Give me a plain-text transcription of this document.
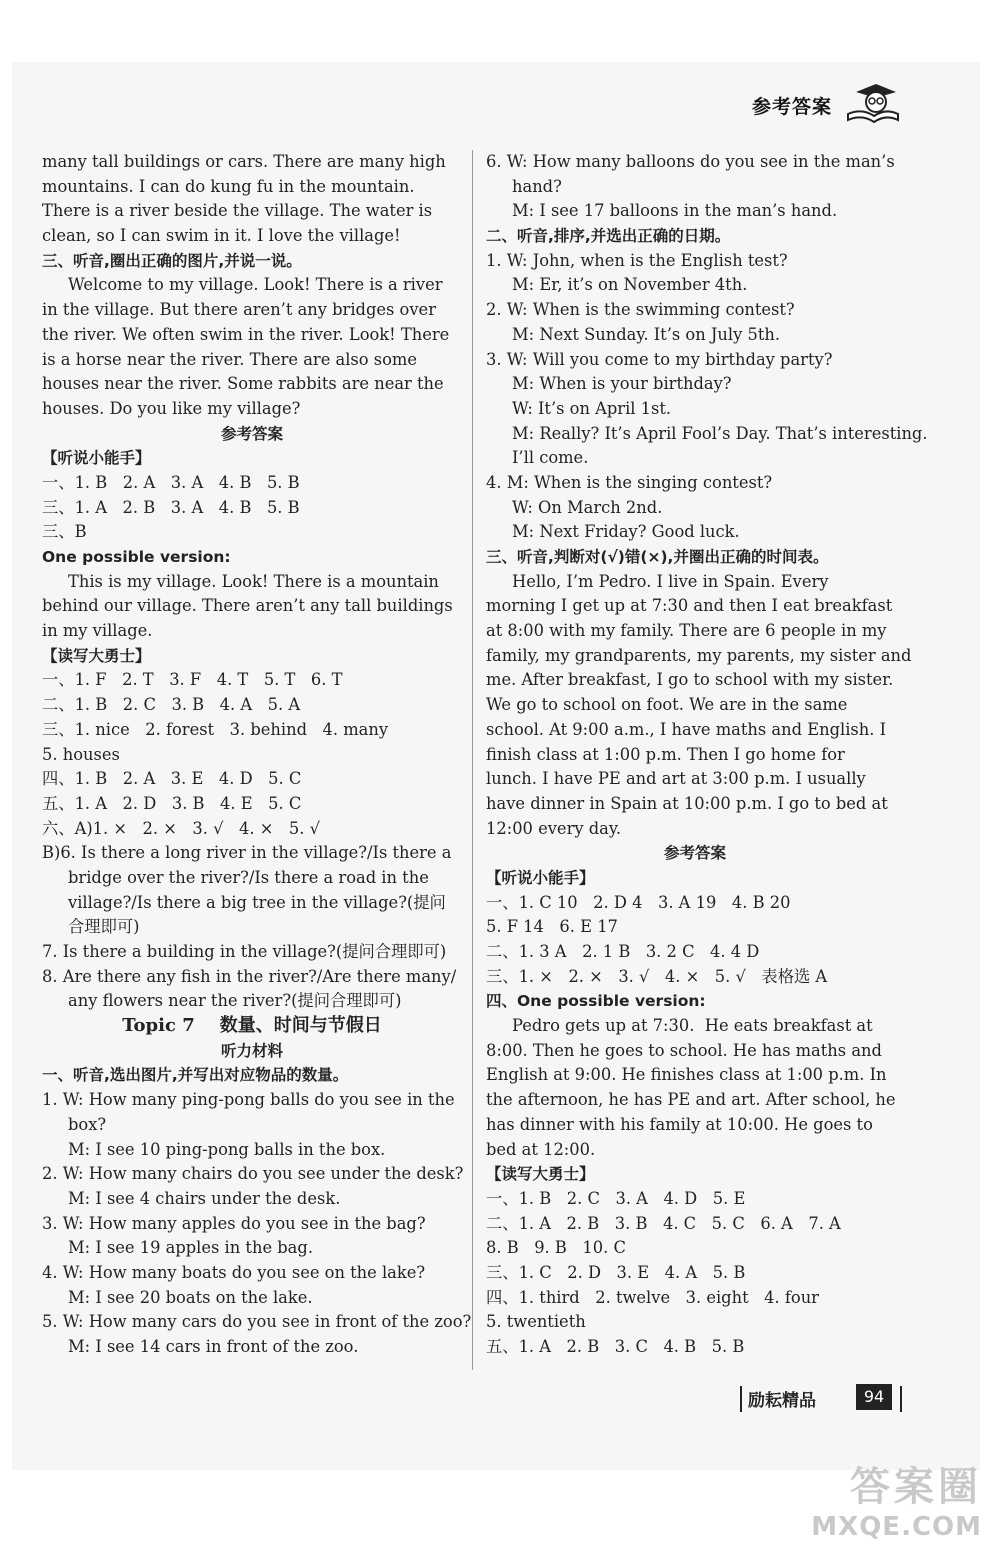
参考答案
many tall buildings or cars. There are many high
mountains. I can do kung fu in the mountain.
There is a river beside the village. The water is
clean, so I can swim in it. I love the village!
三、听音,圈出正确的图片,并说一说。
Welcome to my village. Look! There is a river
in the village. But there aren’t any bridges over
the river. We often swim in the river. Look! There
is a horse near the river. There are also some
houses near the river. Some rabbits are near the
houses. Do you like my village?
参考答案
【听说小能手】
一、1. B   2. A   3. A   4. B   5. B
三、1. A   2. B   3. A   4. B   5. B
三、B
One possible version:
This is my village. Look! There is a mountain
behind our village. There aren’t any tall buildings
in my village.
【读写大勇士】
一、1. F   2. T   3. F   4. T   5. T   6. T
二、1. B   2. C   3. B   4. A   5. A
三、1. nice   2. forest   3. behind   4. many
5. houses
四、1. B   2. A   3. E   4. D   5. C
五、1. A   2. D   3. B   4. E   5. C
六、A)1. ×   2. ×   3. √   4. ×   5. √
B)6. Is there a long river in the village?/Is there a
bridge over the river?/Is there a road in the
village?/Is there a big tree in the village?(提问
合理即可)
7. Is there a building in the village?(提问合理即可)
8. Are there any fish in the river?/Are there many/
any flowers near the river?(提问合理即可)
Topic 7    数量、时间与节假日
听力材料
一、听音,选出图片,并写出对应物品的数量。
1. W: How many ping-pong balls do you see in the
box?
M: I see 10 ping-pong balls in the box.
2. W: How many chairs do you see under the desk?
M: I see 4 chairs under the desk.
3. W: How many apples do you see in the bag?
M: I see 19 apples in the bag.
4. W: How many boats do you see on the lake?
M: I see 20 boats on the lake.
5. W: How many cars do you see in front of the zoo?
M: I see 14 cars in front of the zoo.
6. W: How many balloons do you see in the man’s
hand?
M: I see 17 balloons in the man’s hand.
二、听音,排序,并选出正确的日期。
1. W: John, when is the English test?
M: Er, it’s on November 4th.
2. W: When is the swimming contest?
M: Next Sunday. It’s on July 5th.
3. W: Will you come to my birthday party?
M: When is your birthday?
W: It’s on April 1st.
M: Really? It’s April Fool’s Day. That’s interesting.
I’ll come.
4. M: When is the singing contest?
W: On March 2nd.
M: Next Friday? Good luck.
三、听音,判断对(√)错(×),并圈出正确的时间表。
Hello, I’m Pedro. I live in Spain. Every
morning I get up at 7:30 and then I eat breakfast
at 8:00 with my family. There are 6 people in my
family, my grandparents, my parents, my sister and
me. After breakfast, I go to school with my sister.
We go to school on foot. We are in the same
school. At 9:00 a.m., I have maths and English. I
finish class at 1:00 p.m. Then I go home for
lunch. I have PE and art at 3:00 p.m. I usually
have dinner in Spain at 10:00 p.m. I go to bed at
12:00 every day.
参考答案
【听说小能手】
一、1. C 10   2. D 4   3. A 19   4. B 20
5. F 14   6. E 17
二、1. 3 A   2. 1 B   3. 2 C   4. 4 D
三、1. ×   2. ×   3. √   4. ×   5. √   表格选 A
四、One possible version:
Pedro gets up at 7:30.  He eats breakfast at
8:00. Then he goes to school. He has maths and
English at 9:00. He finishes class at 1:00 p.m. In
the afternoon, he has PE and art. After school, he
has dinner with his family at 10:00. He goes to
bed at 12:00.
【读写大勇士】
一、1. B   2. C   3. A   4. D   5. E
二、1. A   2. B   3. B   4. C   5. C   6. A   7. A
8. B   9. B   10. C
三、1. C   2. D   3. E   4. A   5. B
四、1. third   2. twelve   3. eight   4. four
5. twentieth
五、1. A   2. B   3. C   4. B   5. B
励耘精品	94
答案圈
MXQE.COM
